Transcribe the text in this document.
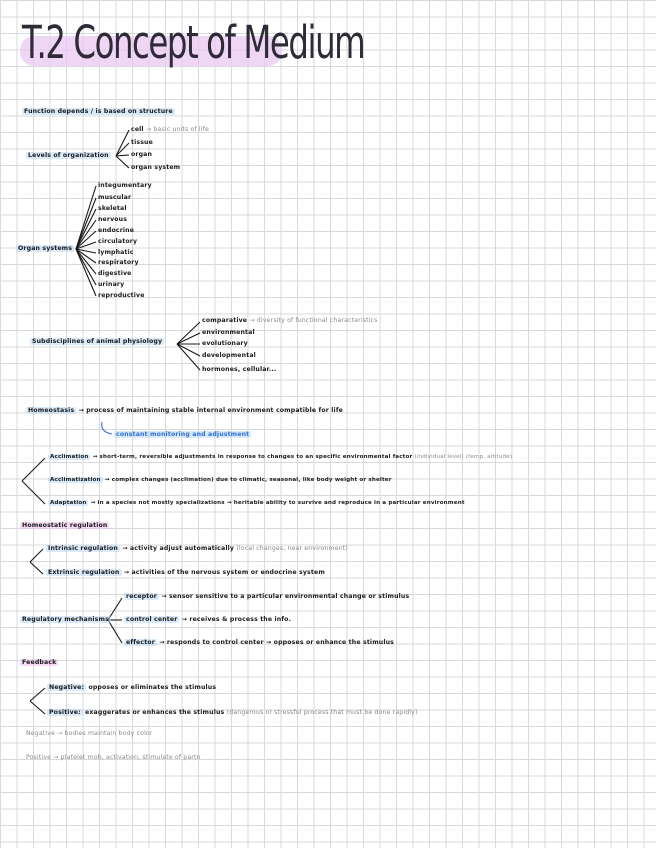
T.2 Concept of Medium
Function depends / is based on structure
Levels of organization
cell → basic units of life
tissue
organ
organ system
Organ systems
integumentary
muscular
skeletal
nervous
endocrine
circulatory
lymphatic
respiratory
digestive
urinary
reproductive
Subdisciplines of animal physiology
comparative → diversity of functional characteristics
environmental
evolutionary
developmental
hormones, cellular...
Homeostasis → process of maintaining stable internal environment compatible for life
constant monitoring and adjustment
Acclimation → short-term, reversible adjustments in response to changes to an specific environmental factor (individual level) (temp, altitude)
Acclimatization → complex changes (acclimation) due to climatic, seasonal, like body weight or shelter
Adaptation → in a species not mostly specializations → heritable ability to survive and reproduce in a particular environment
Homeostatic regulation
Intrinsic regulation → activity adjust automatically (local changes, near environment)
Extrinsic regulation → activities of the nervous system or endocrine system
Regulatory mechanisms
receptor → sensor sensitive to a particular environmental change or stimulus
control center → receives & process the info.
effector → responds to control center → opposes or enhance the stimulus
Feedback
Negative: opposes or eliminates the stimulus
Positive: exaggerates or enhances the stimulus (dangerous or stressful process that must be done rapidly)
Negative → bodies maintain body color
Positive → platelet mob, activation, stimulate of partn
